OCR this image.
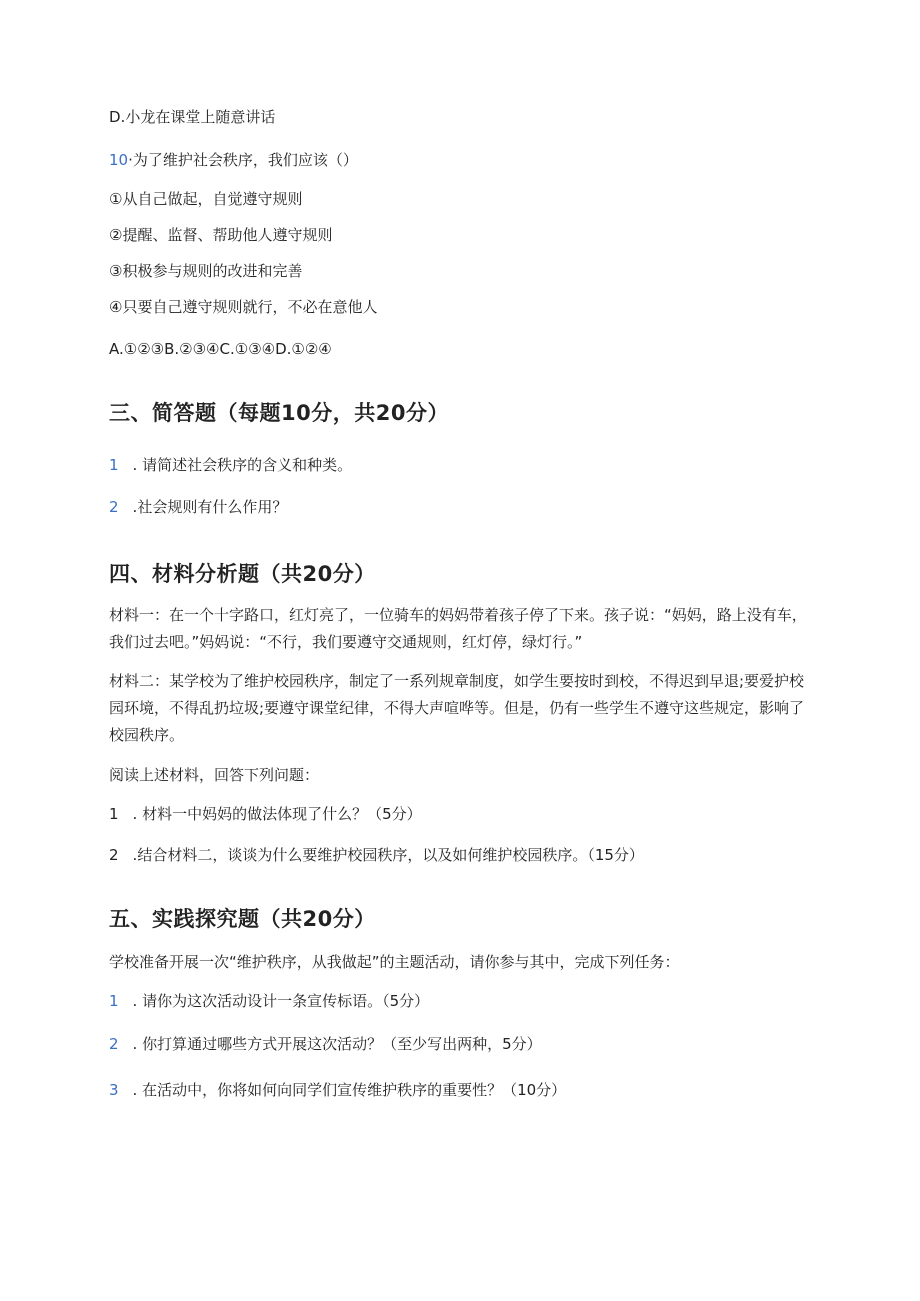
D.小龙在课堂上随意讲话
10·为了维护社会秩序，我们应该（）
①从自己做起，自觉遵守规则
②提醒、监督、帮助他人遵守规则
③积极参与规则的改进和完善
④只要自己遵守规则就行，不必在意他人
A.①②③B.②③④C.①③④D.①②④
三、简答题（每题10分，共20分）
1 . 请简述社会秩序的含义和种类。
2 .社会规则有什么作用？
四、材料分析题（共20分）
材料一：在一个十字路口，红灯亮了，一位骑车的妈妈带着孩子停了下来。孩子说：“妈妈，路上没有车，我们过去吧。”妈妈说：“不行，我们要遵守交通规则，红灯停，绿灯行。”
材料二：某学校为了维护校园秩序，制定了一系列规章制度，如学生要按时到校，不得迟到早退;要爱护校园环境，不得乱扔垃圾;要遵守课堂纪律，不得大声喧哗等。但是，仍有一些学生不遵守这些规定，影响了校园秩序。
阅读上述材料，回答下列问题：
1 . 材料一中妈妈的做法体现了什么？（5分）
2 .结合材料二，谈谈为什么要维护校园秩序，以及如何维护校园秩序。（15分）
五、实践探究题（共20分）
学校准备开展一次“维护秩序，从我做起”的主题活动，请你参与其中，完成下列任务：
1 . 请你为这次活动设计一条宣传标语。（5分）
2 . 你打算通过哪些方式开展这次活动？（至少写出两种，5分）
3 . 在活动中，你将如何向同学们宣传维护秩序的重要性？（10分）
